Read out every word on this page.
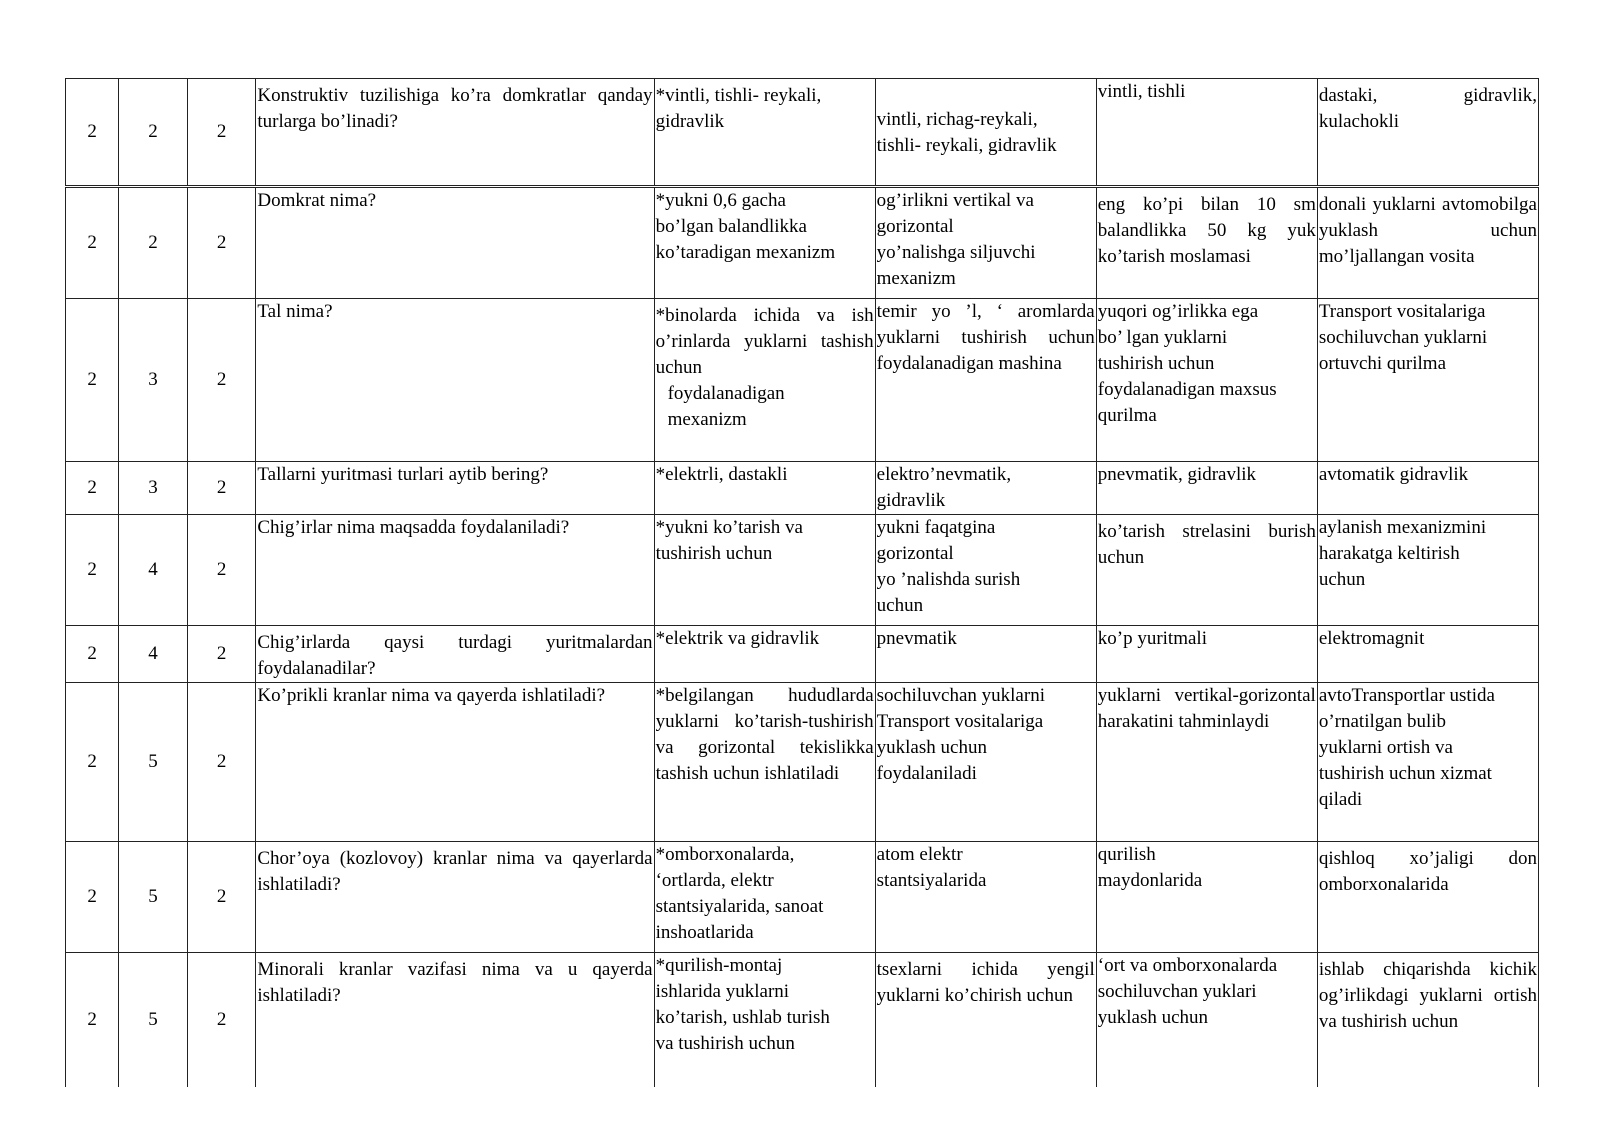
2	2	2	Konstruktiv tuzilishiga ko’ra domkratlar qanday turlarga bo’linadi?	*vintli, tishli- reykali,
gidravlik	vintli, richag-reykali,
tishli- reykali, gidravlik	vintli, tishli	dastaki, gidravlik, kulachokli
2	2	2	Domkrat nima?	*yukni 0,6 gacha
bo’lgan balandlikka
ko’taradigan mexanizm	og’irlikni vertikal va
gorizontal
yo’nalishga siljuvchi
mexanizm	eng ko’pi bilan 10 sm balandlikka 50 kg yuk ko’tarish moslamasi	donali yuklarni avtomobilga yuklash uchun mo’ljallangan vosita
2	3	2	Tal nima?	*binolarda ichida va ish o’rinlarda yuklarni tashish uchun
foydalanadigan
mexanizm	temir yo ’l, ‘ aromlarda yuklarni tushirish uchun foydalanadigan mashina	yuqori og’irlikka ega
bo’ lgan yuklarni
tushirish uchun
foydalanadigan maxsus
qurilma	Transport vositalariga
sochiluvchan yuklarni
ortuvchi qurilma
2	3	2	Tallarni yuritmasi turlari aytib bering?	*elektrli, dastakli	elektro’nevmatik,
gidravlik	pnevmatik, gidravlik	avtomatik gidravlik
2	4	2	Chig’irlar nima maqsadda foydalaniladi?	*yukni ko’tarish va
tushirish uchun	yukni faqatgina
gorizontal
yo ’nalishda surish
uchun	ko’tarish strelasini burish uchun	aylanish mexanizmini
harakatga keltirish
uchun
2	4	2	Chig’irlarda qaysi turdagi yuritmalardan foydalanadilar?	*elektrik va gidravlik	pnevmatik	ko’p yuritmali	elektromagnit
2	5	2	Ko’prikli kranlar nima va qayerda ishlatiladi?	*belgilangan hududlarda yuklarni ko’tarish-tushirish va gorizontal tekislikka tashish uchun ishlatiladi	sochiluvchan yuklarni
Transport vositalariga
yuklash uchun
foydalaniladi	yuklarni vertikal-gorizontal harakatini tahminlaydi	avtoTransportlar ustida
o’rnatilgan bulib
yuklarni ortish va
tushirish uchun xizmat
qiladi
2	5	2	Chor’oya (kozlovoy) kranlar nima va qayerlarda ishlatiladi?	*omborxonalarda,
‘ortlarda, elektr
stantsiyalarida, sanoat
inshoatlarida	atom elektr
stantsiyalarida	qurilish
maydonlarida	qishloq xo’jaligi don omborxonalarida
2	5	2	Minorali kranlar vazifasi nima va u qayerda ishlatiladi?	*qurilish-montaj
ishlarida yuklarni
ko’tarish, ushlab turish
va tushirish uchun	tsexlarni ichida yengil yuklarni ko’chirish uchun	‘ort va omborxonalarda
sochiluvchan yuklari
yuklash uchun	ishlab chiqarishda kichik og’irlikdagi yuklarni ortish va tushirish uchun
